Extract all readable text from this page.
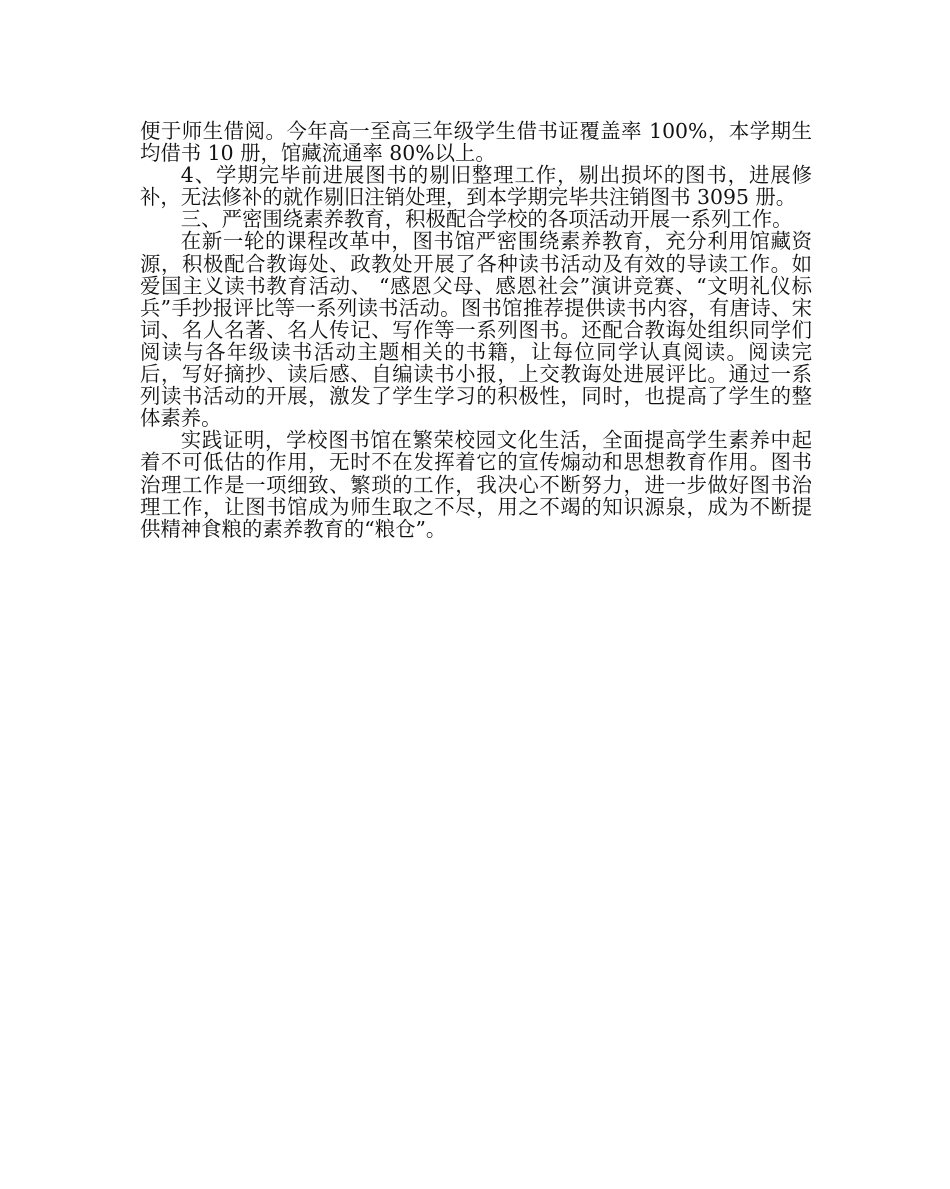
便于师生借阅。今年高一至高三年级学生借书证覆盖率 100%，本学期生均借书 10 册，馆藏流通率 80%以上。

4、学期完毕前进展图书的剔旧整理工作，剔出损坏的图书，进展修补，无法修补的就作剔旧注销处理，到本学期完毕共注销图书 3095 册。

三、严密围绕素养教育，积极配合学校的各项活动开展一系列工作。

在新一轮的课程改革中，图书馆严密围绕素养教育，充分利用馆藏资源，积极配合教诲处、政教处开展了各种读书活动及有效的导读工作。如爱国主义读书教育活动、 “感恩父母、感恩社会”演讲竞赛、“文明礼仪标兵”手抄报评比等一系列读书活动。图书馆推荐提供读书内容，有唐诗、宋词、名人名著、名人传记、写作等一系列图书。还配合教诲处组织同学们阅读与各年级读书活动主题相关的书籍，让每位同学认真阅读。阅读完后，写好摘抄、读后感、自编读书小报，上交教诲处进展评比。通过一系列读书活动的开展，激发了学生学习的积极性，同时，也提高了学生的整体素养。

实践证明，学校图书馆在繁荣校园文化生活，全面提高学生素养中起着不可低估的作用，无时不在发挥着它的宣传煽动和思想教育作用。图书治理工作是一项细致、繁琐的工作，我决心不断努力，进一步做好图书治理工作，让图书馆成为师生取之不尽，用之不竭的知识源泉，成为不断提供精神食粮的素养教育的“粮仓”。
